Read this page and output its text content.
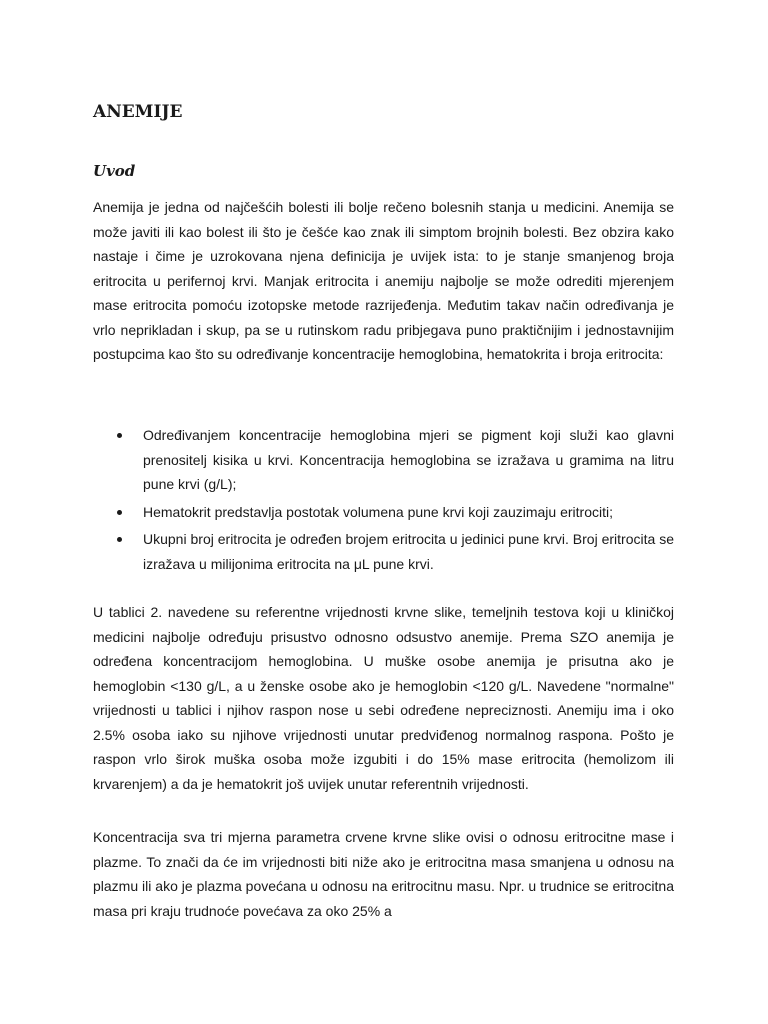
ANEMIJE
Uvod

Anemija je jedna od najčešćih bolesti ili bolje rečeno bolesnih stanja u medicini. Anemija se može javiti ili kao bolest ili što je češće kao znak ili simptom brojnih bolesti. Bez obzira kako nastaje i čime je uzrokovana njena definicija je uvijek ista: to je stanje smanjenog broja eritrocita u perifernoj krvi. Manjak eritrocita i anemiju najbolje se može odrediti mjerenjem mase eritrocita pomoću izotopske metode razrijeđenja. Međutim takav način određivanja je vrlo neprikladan i skup, pa se u rutinskom radu pribjegava puno praktičnijim i jednostavnijim postupcima kao što su određivanje koncentracije hemoglobina, hematokrita i broja eritrocita:

Određivanjem koncentracije hemoglobina mjeri se pigment koji služi kao glavni prenositelj kisika u krvi. Koncentracija hemoglobina se izražava u gramima na litru pune krvi (g/L);
Hematokrit predstavlja postotak volumena pune krvi koji zauzimaju eritrociti;
Ukupni broj eritrocita je određen brojem eritrocita u jedinici pune krvi. Broj eritrocita se izražava u milijonima eritrocita na μL pune krvi.

U tablici 2. navedene su referentne vrijednosti krvne slike, temeljnih testova koji u kliničkoj medicini najbolje određuju prisustvo odnosno odsustvo anemije. Prema SZO anemija je određena koncentracijom hemoglobina. U muške osobe anemija je prisutna ako je hemoglobin <130 g/L, a u ženske osobe ako je hemoglobin <120 g/L. Navedene "normalne" vrijednosti u tablici i njihov raspon nose u sebi određene nepreciznosti. Anemiju ima i oko 2.5% osoba iako su njihove vrijednosti unutar predviđenog normalnog raspona. Pošto je raspon vrlo širok muška osoba može izgubiti i do 15% mase eritrocita (hemolizom ili krvarenjem) a da je hematokrit još uvijek unutar referentnih vrijednosti.

Koncentracija sva tri mjerna parametra crvene krvne slike ovisi o odnosu eritrocitne mase i plazme. To znači da će im vrijednosti biti niže ako je eritrocitna masa smanjena u odnosu na plazmu ili ako je plazma povećana u odnosu na eritrocitnu masu. Npr. u trudnice se eritrocitna masa pri kraju trudnoće povećava za oko 25% a
